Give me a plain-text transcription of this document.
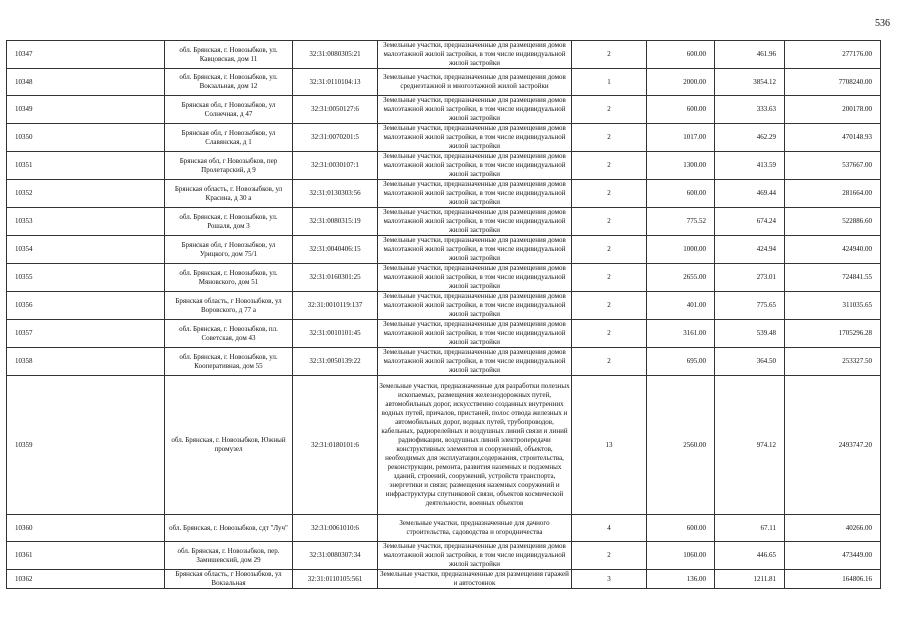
536
10347	обл. Брянская, г. Новозыбков, ул. Кавцовская, дом 11	32:31:0080305:21	Земельные участки, предназначенные для размещения домов малоэтажной жилой застройки, в том числе индивидуальной жилой застройки	2	600.00	461.96	277176.00
10348	обл. Брянская, г. Новозыбков, ул. Вокзальная, дом 12	32:31:0110104:13	Земельные участки, предназначенные для размещения домов среднеэтажной и многоэтажной жилой застройки	1	2000.00	3854.12	7708240.00
10349	Брянская обл, г Новозыбков, ул Солнечная, д 47	32:31:0050127:6	Земельные участки, предназначенные для размещения домов малоэтажной жилой застройки, в том числе индивидуальной жилой застройки	2	600.00	333.63	200178.00
10350	Брянская обл, г Новозыбков, ул Славянская, д 1	32:31:0070201:5	Земельные участки, предназначенные для размещения домов малоэтажной жилой застройки, в том числе индивидуальной жилой застройки	2	1017.00	462.29	470148.93
10351	Брянская обл, г Новозыбков, пер Пролетарский, д 9	32:31:0030107:1	Земельные участки, предназначенные для размещения домов малоэтажной жилой застройки, в том числе индивидуальной жилой застройки	2	1300.00	413.59	537667.00
10352	Брянская область, г. Новозыбков, ул Красина, д 30 а	32:31:0130303:56	Земельные участки, предназначенные для размещения домов малоэтажной жилой застройки, в том числе индивидуальной жилой застройки	2	600.00	469.44	281664.00
10353	обл. Брянская, г. Новозыбков, ул. Рошаля, дом 3	32:31:0080315:19	Земельные участки, предназначенные для размещения домов малоэтажной жилой застройки, в том числе индивидуальной жилой застройки	2	775.52	674.24	522886.60
10354	Брянская обл, г Новозыбков, ул Урицкого, дом 75/1	32:31:0040406:15	Земельные участки, предназначенные для размещения домов малоэтажной жилой застройки, в том числе индивидуальной жилой застройки	2	1000.00	424.94	424940.00
10355	обл. Брянская, г. Новозыбков, ул. Мяновского, дом 51	32:31:0160301:25	Земельные участки, предназначенные для размещения домов малоэтажной жилой застройки, в том числе индивидуальной жилой застройки	2	2655.00	273.01	724841.55
10356	Брянская область, г Новозыбков, ул Воровского, д 77 а	32:31:0010119:137	Земельные участки, предназначенные для размещения домов малоэтажной жилой застройки, в том числе индивидуальной жилой застройки	2	401.00	775.65	311035.65
10357	обл. Брянская, г. Новозыбков, пл. Советская, дом 43	32:31:0010101:45	Земельные участки, предназначенные для размещения домов малоэтажной жилой застройки, в том числе индивидуальной жилой застройки	2	3161.00	539.48	1705296.28
10358	обл. Брянская, г. Новозыбков, ул. Кооперативная, дом 55	32:31:0050139:22	Земельные участки, предназначенные для размещения домов малоэтажной жилой застройки, в том числе индивидуальной жилой застройки	2	695.00	364.50	253327.50
10359	обл. Брянская, г. Новозыбков, Южный промузел	32:31:0180101:6	Земельные участки, предназначенные для разработки полезных ископаемых, размещения железнодорожных путей, автомобильных дорог, искусственно созданных внутренних водных путей, причалов, пристаней, полос отвода железных и автомобильных дорог, водных путей, трубопроводов, кабельных, радиорелейных и воздушных линий связи и линий радиофикации, воздушных линий электропередачи конструктивных элементов и сооружений, объектов, необходимых для эксплуатации,содержания, строительства, реконструкции, ремонта, развития наземных и подземных зданий, строений, сооружений, устройств транспорта, энергетики и связи; размещения наземных сооружений и инфраструктуры спутниковой связи, объектов космической деятельности, военных объектов	13	2560.00	974.12	2493747.20
10360	обл. Брянская, г. Новозыбков, сдт "Луч"	32:31:0061010:6	Земельные участки, предназначенные для дачного строительства, садоводства и огородничества	4	600.00	67.11	40266.00
10361	обл. Брянская, г. Новозыбков, пер. Замишевский, дом 29	32:31:0080307:34	Земельные участки, предназначенные для размещения домов малоэтажной жилой застройки, в том числе индивидуальной жилой застройки	2	1060.00	446.65	473449.00
10362	Брянская область, г Новозыбков, ул Вокзальная	32:31:0110105:561	Земельные участки, предназначенные для размещения гаражей и автостоянок	3	136.00	1211.81	164806.16
